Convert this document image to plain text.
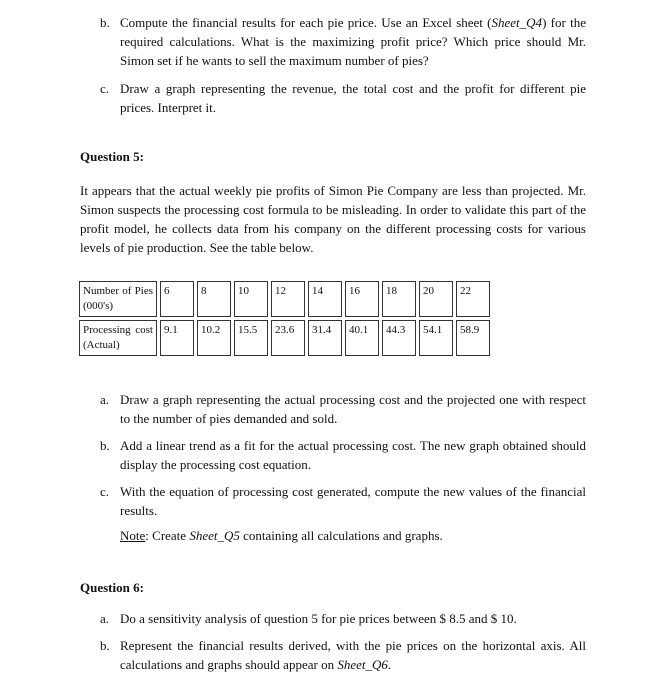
b. Compute the financial results for each pie price. Use an Excel sheet (Sheet_Q4) for the required calculations. What is the maximizing profit price? Which price should Mr. Simon set if he wants to sell the maximum number of pies?
c. Draw a graph representing the revenue, the total cost and the profit for different pie prices. Interpret it.
Question 5:
It appears that the actual weekly pie profits of Simon Pie Company are less than projected. Mr. Simon suspects the processing cost formula to be misleading. In order to validate this part of the profit model, he collects data from his company on the different processing costs for various levels of pie production. See the table below.
Number of Pies (000's)	6	8	10	12	14	16	18	20	22
Processing cost (Actual)	9.1	10.2	15.5	23.6	31.4	40.1	44.3	54.1	58.9
a. Draw a graph representing the actual processing cost and the projected one with respect to the number of pies demanded and sold.
b. Add a linear trend as a fit for the actual processing cost. The new graph obtained should display the processing cost equation.
c. With the equation of processing cost generated, compute the new values of the financial results.
Note: Create Sheet_Q5 containing all calculations and graphs.
Question 6:
a. Do a sensitivity analysis of question 5 for pie prices between $ 8.5 and $ 10.
b. Represent the financial results derived, with the pie prices on the horizontal axis. All calculations and graphs should appear on Sheet_Q6.
